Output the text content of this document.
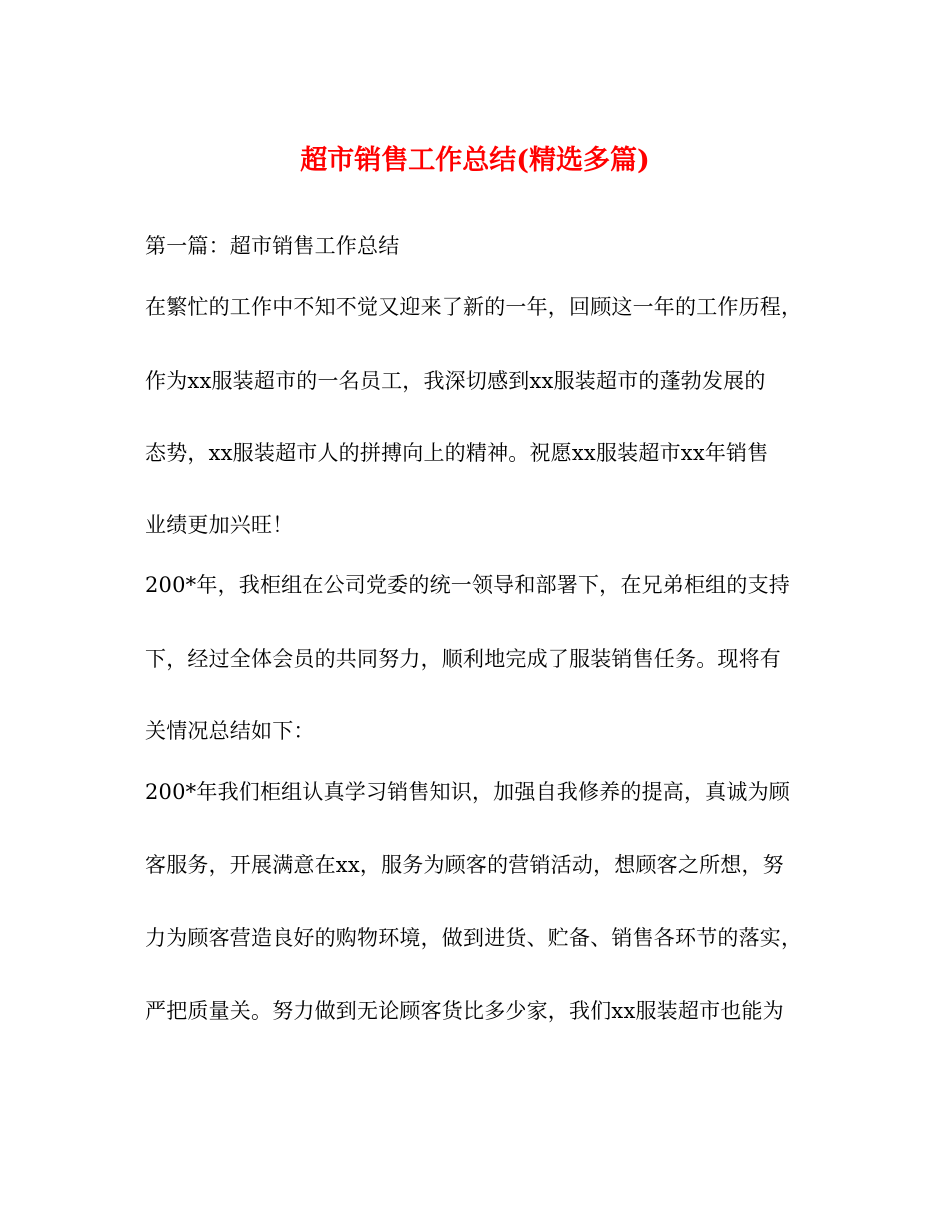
超市销售工作总结(精选多篇)
第一篇：超市销售工作总结
在繁忙的工作中不知不觉又迎来了新的一年，回顾这一年的工作历程，
作为xx服装超市的一名员工，我深切感到xx服装超市的蓬勃发展的
态势，xx服装超市人的拼搏向上的精神。祝愿xx服装超市xx年销售
业绩更加兴旺！
200*年，我柜组在公司党委的统一领导和部署下，在兄弟柜组的支持
下，经过全体会员的共同努力，顺利地完成了服装销售任务。现将有
关情况总结如下：
200*年我们柜组认真学习销售知识，加强自我修养的提高，真诚为顾
客服务，开展满意在xx，服务为顾客的营销活动，想顾客之所想，努
力为顾客营造良好的购物环境，做到进货、贮备、销售各环节的落实，
严把质量关。努力做到无论顾客货比多少家，我们xx服装超市也能为
